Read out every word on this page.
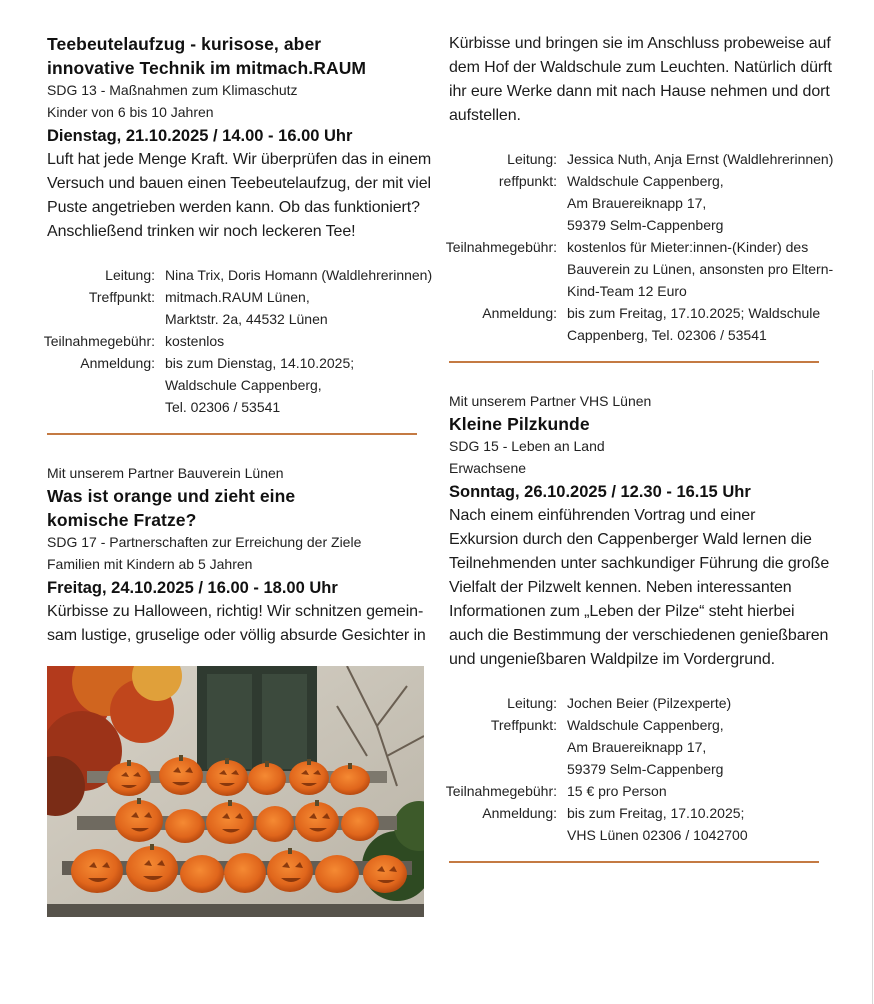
Teebeutelaufzug - kurisose, aber
innovative Technik im mitmach.RAUM
SDG 13 - Maßnahmen zum Klimaschutz
Kinder von 6 bis 10 Jahren
Dienstag, 21.10.2025 / 14.00 - 16.00 Uhr
Luft hat jede Menge Kraft. Wir überprüfen das in einem
Versuch und bauen einen Teebeutelaufzug, der mit viel
Puste angetrieben werden kann. Ob das funktioniert?
Anschließend trinken wir noch leckeren Tee!
Leitung: Nina Trix, Doris Homann (Waldlehrerinnen)
Treffpunkt: mitmach.RAUM Lünen,
Marktstr. 2a, 44532 Lünen
Teilnahmegebühr: kostenlos
Anmeldung: bis zum Dienstag, 14.10.2025;
Waldschule Cappenberg,
Tel. 02306 / 53541
Mit unserem Partner Bauverein Lünen
Was ist orange und zieht eine
komische Fratze?
SDG 17 - Partnerschaften zur Erreichung der Ziele
Familien mit Kindern ab 5 Jahren
Freitag, 24.10.2025 / 16.00 - 18.00 Uhr
Kürbisse zu Halloween, richtig! Wir schnitzen gemein-
sam lustige, gruselige oder völlig absurde Gesichter in
Kürbisse und bringen sie im Anschluss probeweise auf
dem Hof der Waldschule zum Leuchten. Natürlich dürft
ihr eure Werke dann mit nach Hause nehmen und dort
aufstellen.
Leitung: Jessica Nuth, Anja Ernst (Waldlehrerinnen)
reffpunkt: Waldschule Cappenberg,
Am Brauereiknapp 17,
59379 Selm-Cappenberg
Teilnahmegebühr: kostenlos für Mieter:innen-(Kinder) des
Bauverein zu Lünen, ansonsten pro Eltern-
Kind-Team 12 Euro
Anmeldung: bis zum Freitag, 17.10.2025; Waldschule
Cappenberg, Tel. 02306 / 53541
Mit unserem Partner VHS Lünen
Kleine Pilzkunde
SDG 15 - Leben an Land
Erwachsene
Sonntag, 26.10.2025 / 12.30 - 16.15 Uhr
Nach einem einführenden Vortrag und einer
Exkursion durch den Cappenberger Wald lernen die
Teilnehmenden unter sachkundiger Führung die große
Vielfalt der Pilzwelt kennen. Neben interessanten
Informationen zum „Leben der Pilze“ steht hierbei
auch die Bestimmung der verschiedenen genießbaren
und ungenießbaren Waldpilze im Vordergrund.
Leitung: Jochen Beier (Pilzexperte)
Treffpunkt: Waldschule Cappenberg,
Am Brauereiknapp 17,
59379 Selm-Cappenberg
Teilnahmegebühr: 15 € pro Person
Anmeldung: bis zum Freitag, 17.10.2025;
VHS Lünen 02306 / 1042700
